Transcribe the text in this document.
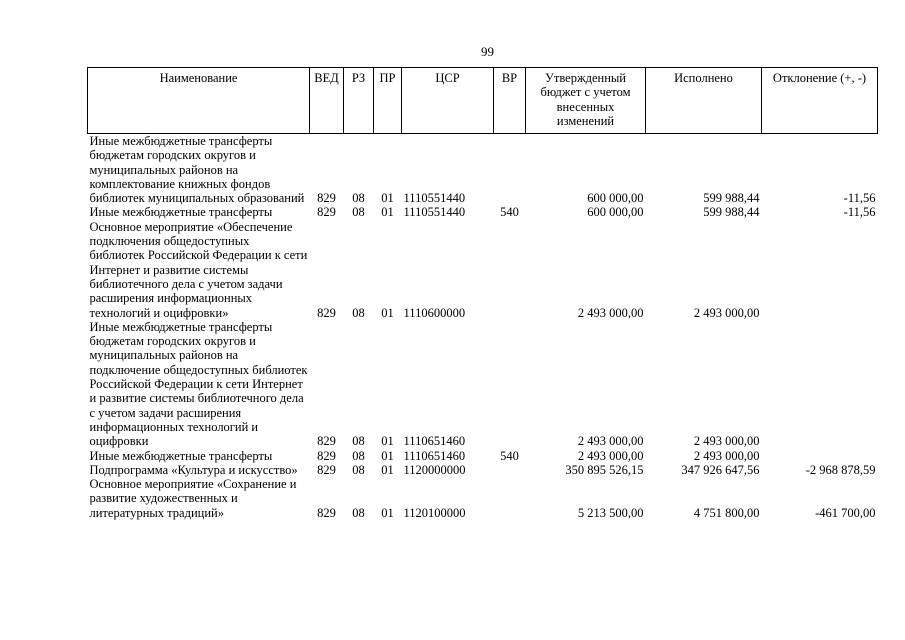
99
Наименование	ВЕД	РЗ	ПР	ЦСР	ВР	Утвержденный бюджет с учетом внесенных изменений	Исполнено	Отклонение (+, -)
Иные межбюджетные трансферты бюджетам городских округов и муниципальных районов на комплектование книжных фондов библиотек муниципальных образований	829	08	01	1110551440		600 000,00	599 988,44	-11,56
Иные межбюджетные трансферты	829	08	01	1110551440	540	600 000,00	599 988,44	-11,56
Основное мероприятие «Обеспечение подключения общедоступных библиотек Российской Федерации к сети Интернет и развитие системы библиотечного дела с учетом задачи расширения информационных технологий и оцифровки»	829	08	01	1110600000		2 493 000,00	2 493 000,00	
Иные межбюджетные трансферты бюджетам городских округов и муниципальных районов на подключение общедоступных библиотек Российской Федерации к сети Интернет и развитие системы библиотечного дела с учетом задачи расширения информационных технологий и оцифровки	829	08	01	1110651460		2 493 000,00	2 493 000,00	
Иные межбюджетные трансферты	829	08	01	1110651460	540	2 493 000,00	2 493 000,00	
Подпрограмма «Культура и искусство»	829	08	01	1120000000		350 895 526,15	347 926 647,56	-2 968 878,59
Основное мероприятие «Сохранение и развитие художественных и литературных традиций»	829	08	01	1120100000		5 213 500,00	4 751 800,00	-461 700,00
